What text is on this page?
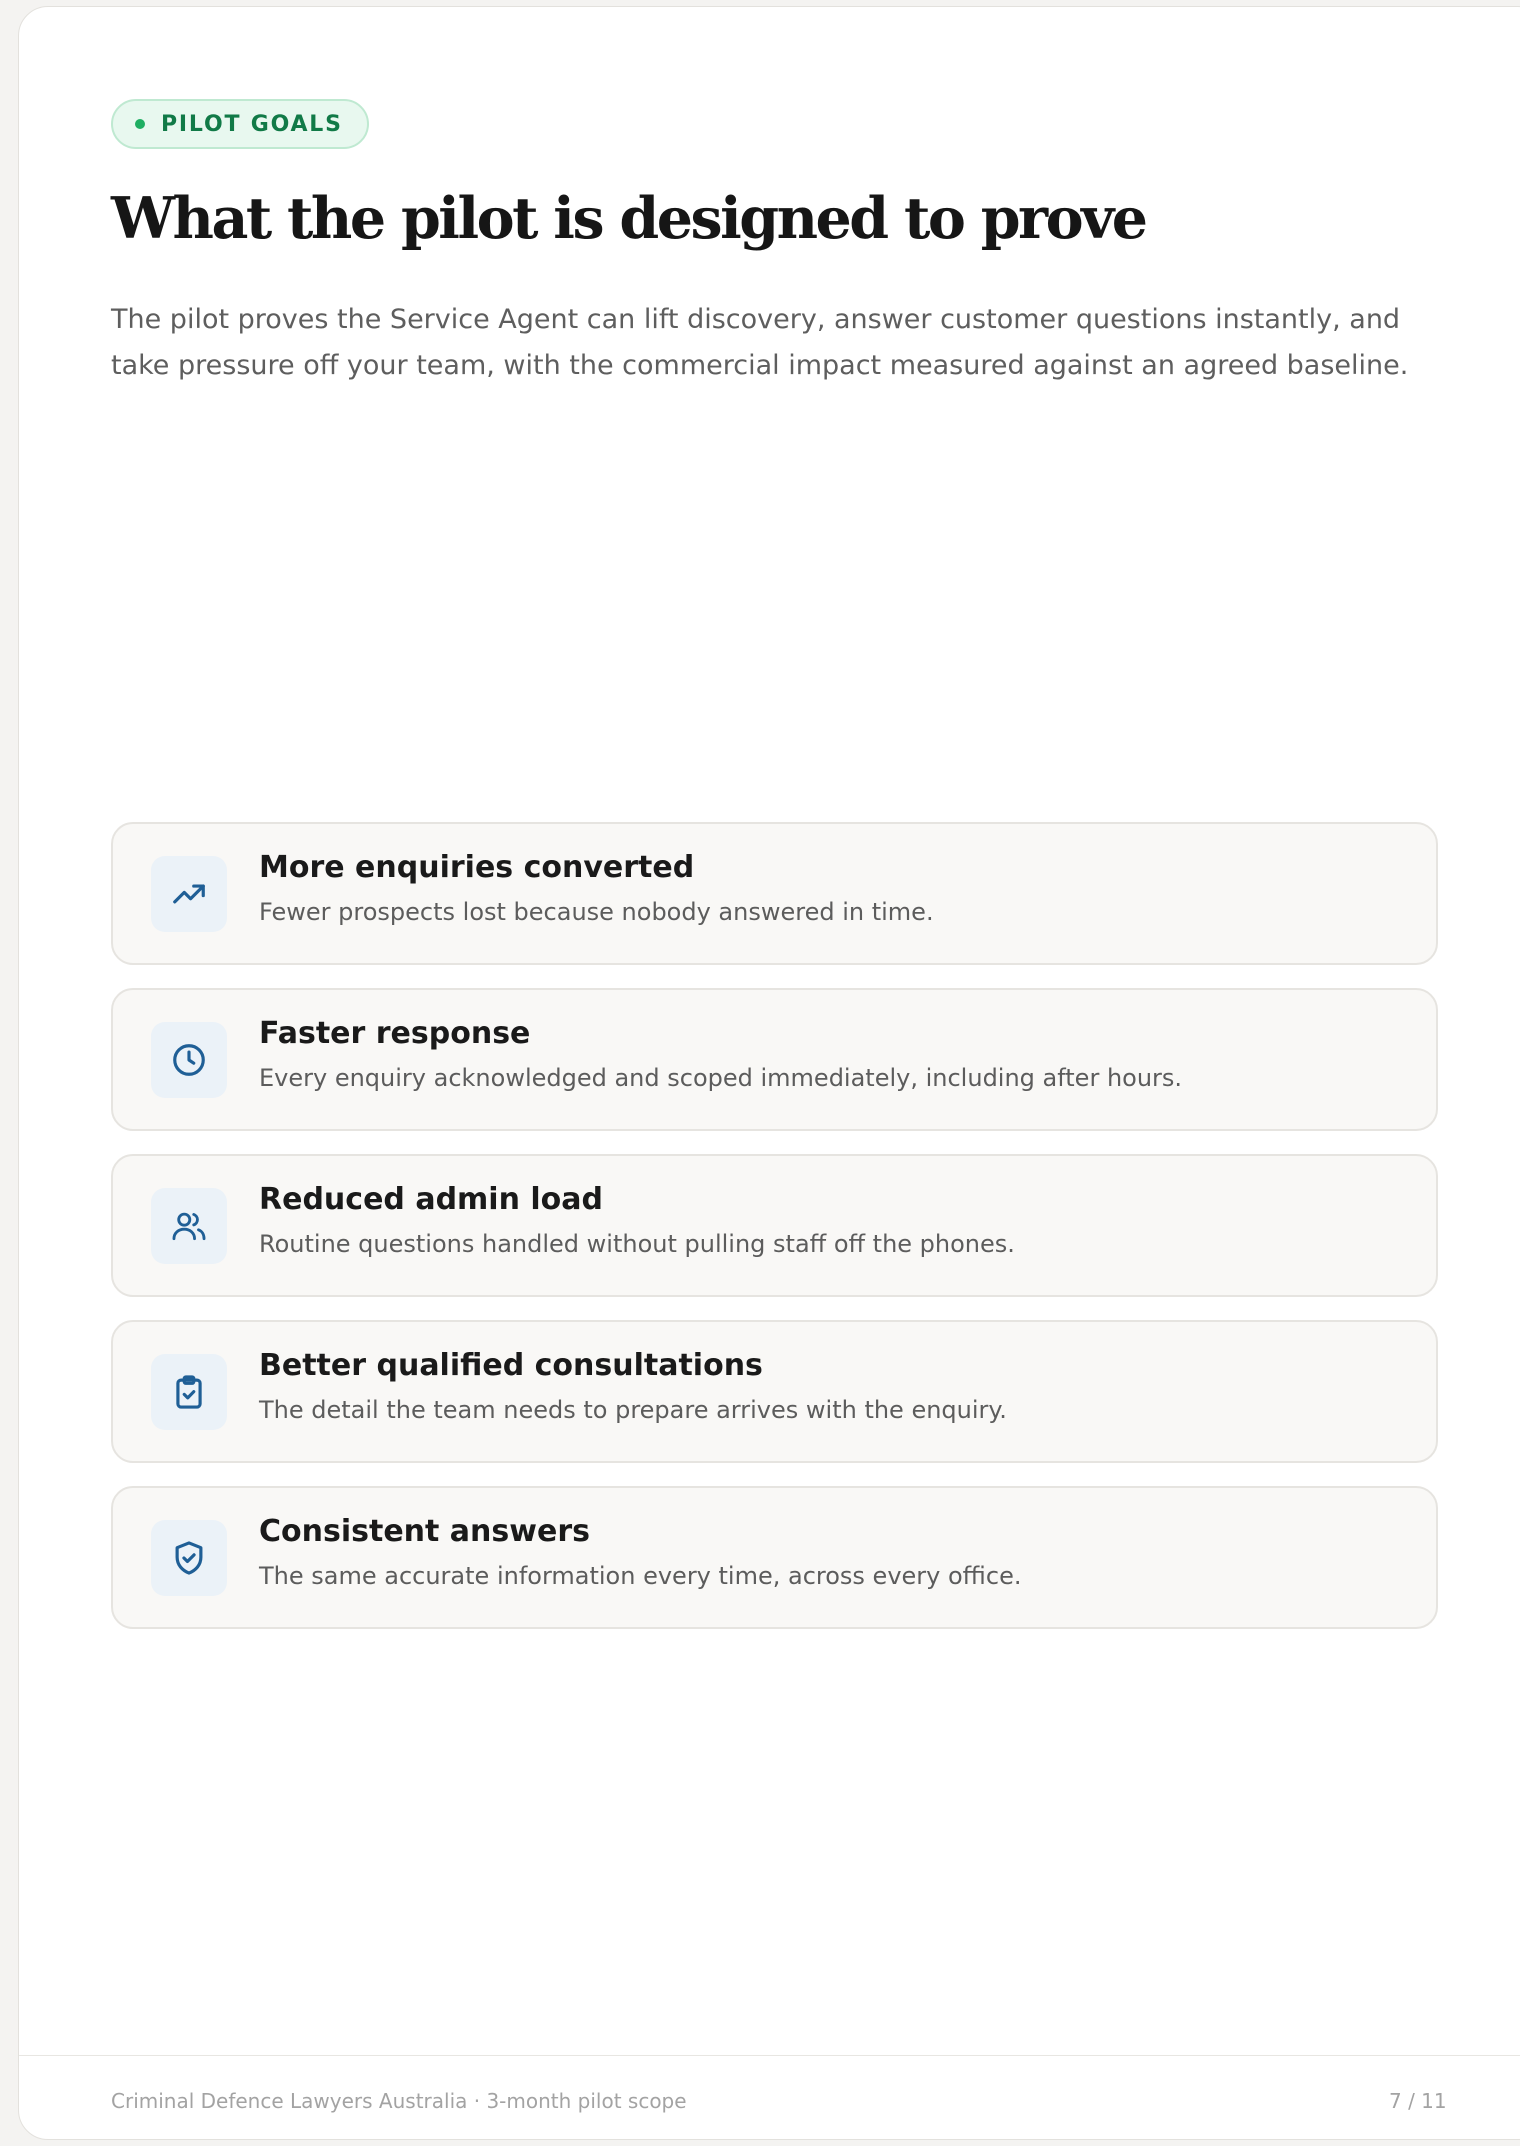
PILOT GOALS
What the pilot is designed to prove

The pilot proves the Service Agent can lift discovery, answer customer questions instantly, and take pressure off your team, with the commercial impact measured against an agreed baseline.

More enquiries converted
Fewer prospects lost because nobody answered in time.
Faster response
Every enquiry acknowledged and scoped immediately, including after hours.
Reduced admin load
Routine questions handled without pulling staff off the phones.
Better qualified consultations
The detail the team needs to prepare arrives with the enquiry.
Consistent answers
The same accurate information every time, across every office.
Criminal Defence Lawyers Australia · 3-month pilot scope	7 / 11
